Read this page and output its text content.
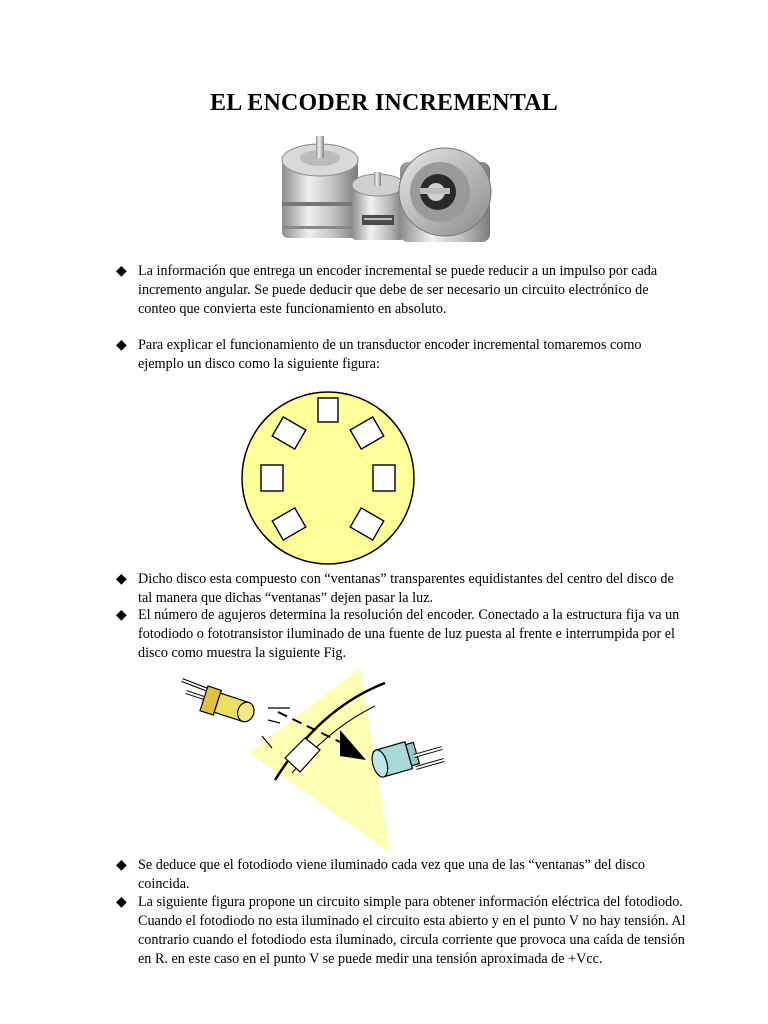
EL ENCODER INCREMENTAL
◆ La información que entrega un encoder incremental se puede reducir a un impulso por cada incremento angular. Se puede deducir que debe de ser necesario un circuito electrónico de conteo que convierta este funcionamiento en absoluto.
◆ Para explicar el funcionamiento de un transductor encoder incremental tomaremos como ejemplo un disco como la siguiente figura:
◆ Dicho disco esta compuesto con “ventanas” transparentes equidistantes del centro del disco de tal manera que dichas “ventanas” dejen pasar la luz.
◆ El número de agujeros determina la resolución del encoder. Conectado a la estructura fija va un fotodiodo o fototransistor iluminado de una fuente de luz puesta al frente e interrumpida por el disco como muestra la siguiente Fig.
◆ Se deduce que el fotodiodo viene iluminado cada vez que una de las “ventanas” del disco coincida.
◆ La siguiente figura propone un circuito simple para obtener información eléctrica del fotodiodo. Cuando el fotodiodo no esta iluminado el circuito esta abierto y en el punto V no hay tensión. Al contrario cuando el fotodiodo esta iluminado, circula corriente que provoca una caída de tensión en R. en este caso en el punto V se puede medir una tensión aproximada de +Vcc.
